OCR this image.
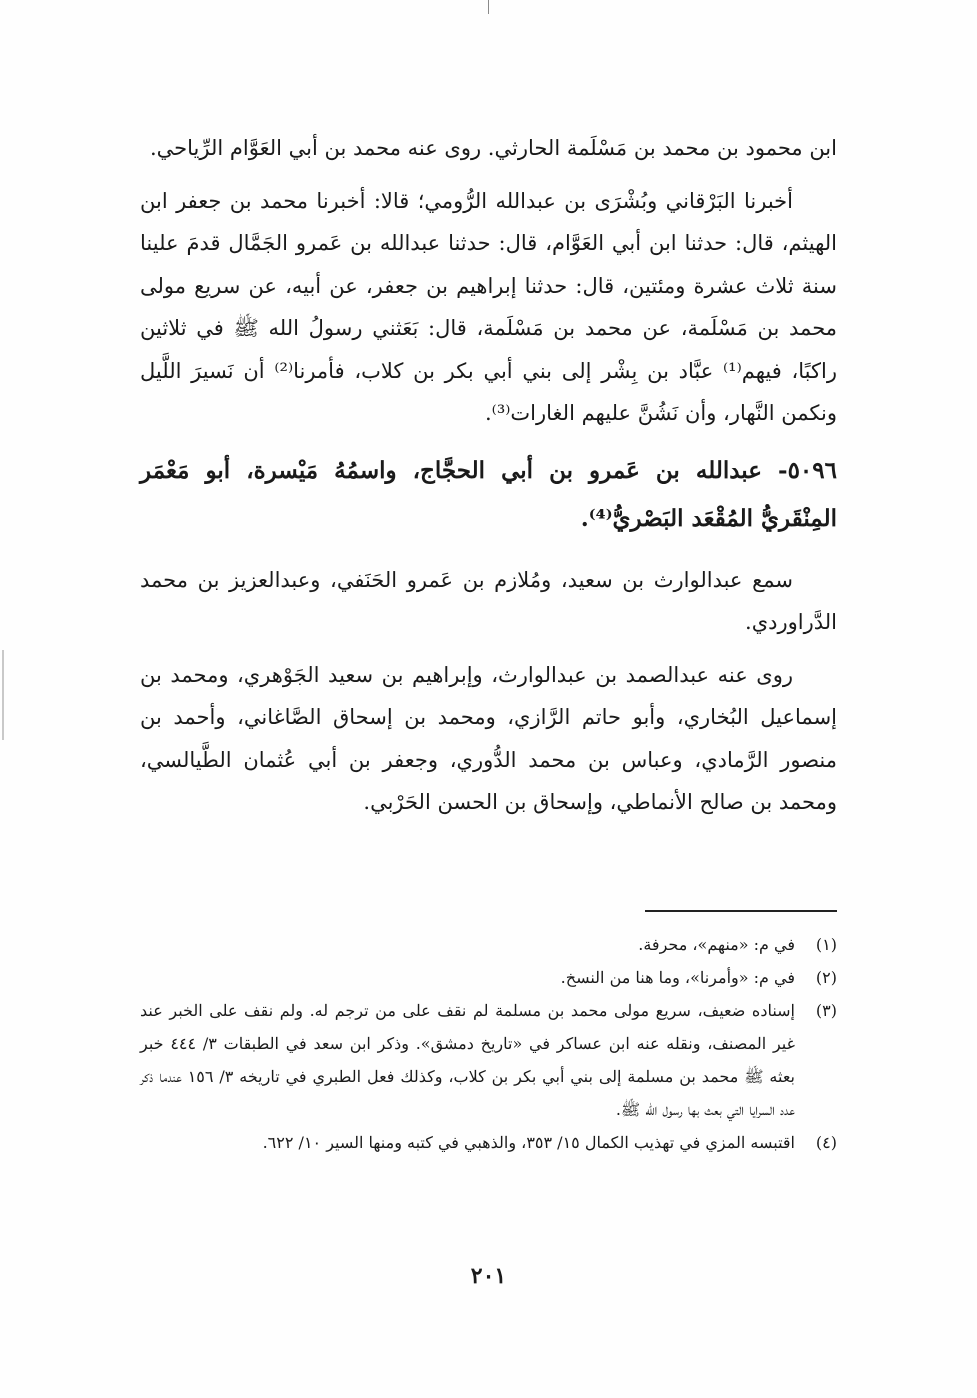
ابن محمود بن محمد بن مَسْلَمة الحارثي. روى عنه محمد بن أبي العَوَّام الرِّياحي.

أخبرنا البَرْقاني وبُشْرَى بن عبدالله الرُّومي؛ قالا: أخبرنا محمد بن جعفر ابن الهيثم، قال: حدثنا ابن أبي العَوَّام، قال: حدثنا عبدالله بن عَمرو الجَمَّال قدمَ علينا سنة ثلاث عشرة ومئتين، قال: حدثنا إبراهيم بن جعفر، عن أبيه، عن سريع مولى محمد بن مَسْلَمة، عن محمد بن مَسْلَمة، قال: بَعَثني رسولُ الله ﷺ في ثلاثين راكبًا، فيهم⁽¹⁾ عبَّاد بن بِشْر إلى بني أبي بكر بن كلاب، فأمرنا⁽²⁾ أن نَسيرَ اللَّيل ونكمن النَّهار، وأن نَشُنَّ عليهم الغارات⁽³⁾.

٥٠٩٦- عبدالله بن عَمرو بن أبي الحجَّاج، واسمُهُ مَيْسرة، أبو مَعْمَر المِنْقَريُّ المُقْعَد البَصْريُّ⁽⁴⁾.

سمع عبدالوارث بن سعيد، ومُلازم بن عَمرو الحَنَفي، وعبدالعزيز بن محمد الدَّراوردي.

روى عنه عبدالصمد بن عبدالوارث، وإبراهيم بن سعيد الجَوْهري، ومحمد بن إسماعيل البُخاري، وأبو حاتم الرَّازي، ومحمد بن إسحاق الصَّاغاني، وأحمد بن منصور الرَّمادي، وعباس بن محمد الدُّوري، وجعفر بن أبي عُثمان الطَّيالسي، ومحمد بن صالح الأنماطي، وإسحاق بن الحسن الحَرْبي.

(١)
في م: «منهم»، محرفة.
(٢)
في م: «وأمرنا»، وما هنا من النسخ.
(٣)
إسناده ضعيف، سريع مولى محمد بن مسلمة لم نقف على من ترجم له. ولم نقف على الخبر عند غير المصنف، ونقله عنه ابن عساكر في «تاريخ دمشق». وذكر ابن سعد في الطبقات ٣/ ٤٤٤ خبر بعثه ﷺ محمد بن مسلمة إلى بني أبي بكر بن كلاب، وكذلك فعل الطبري في تاريخه ٣/ ١٥٦ عندما ذكر عدد السرايا التي بعث بها رسول الله ﷺ.
(٤)
اقتبسه المزي في تهذيب الكمال ١٥/ ٣٥٣، والذهبي في كتبه ومنها السير ١٠/ ٦٢٢.
٢٠١
